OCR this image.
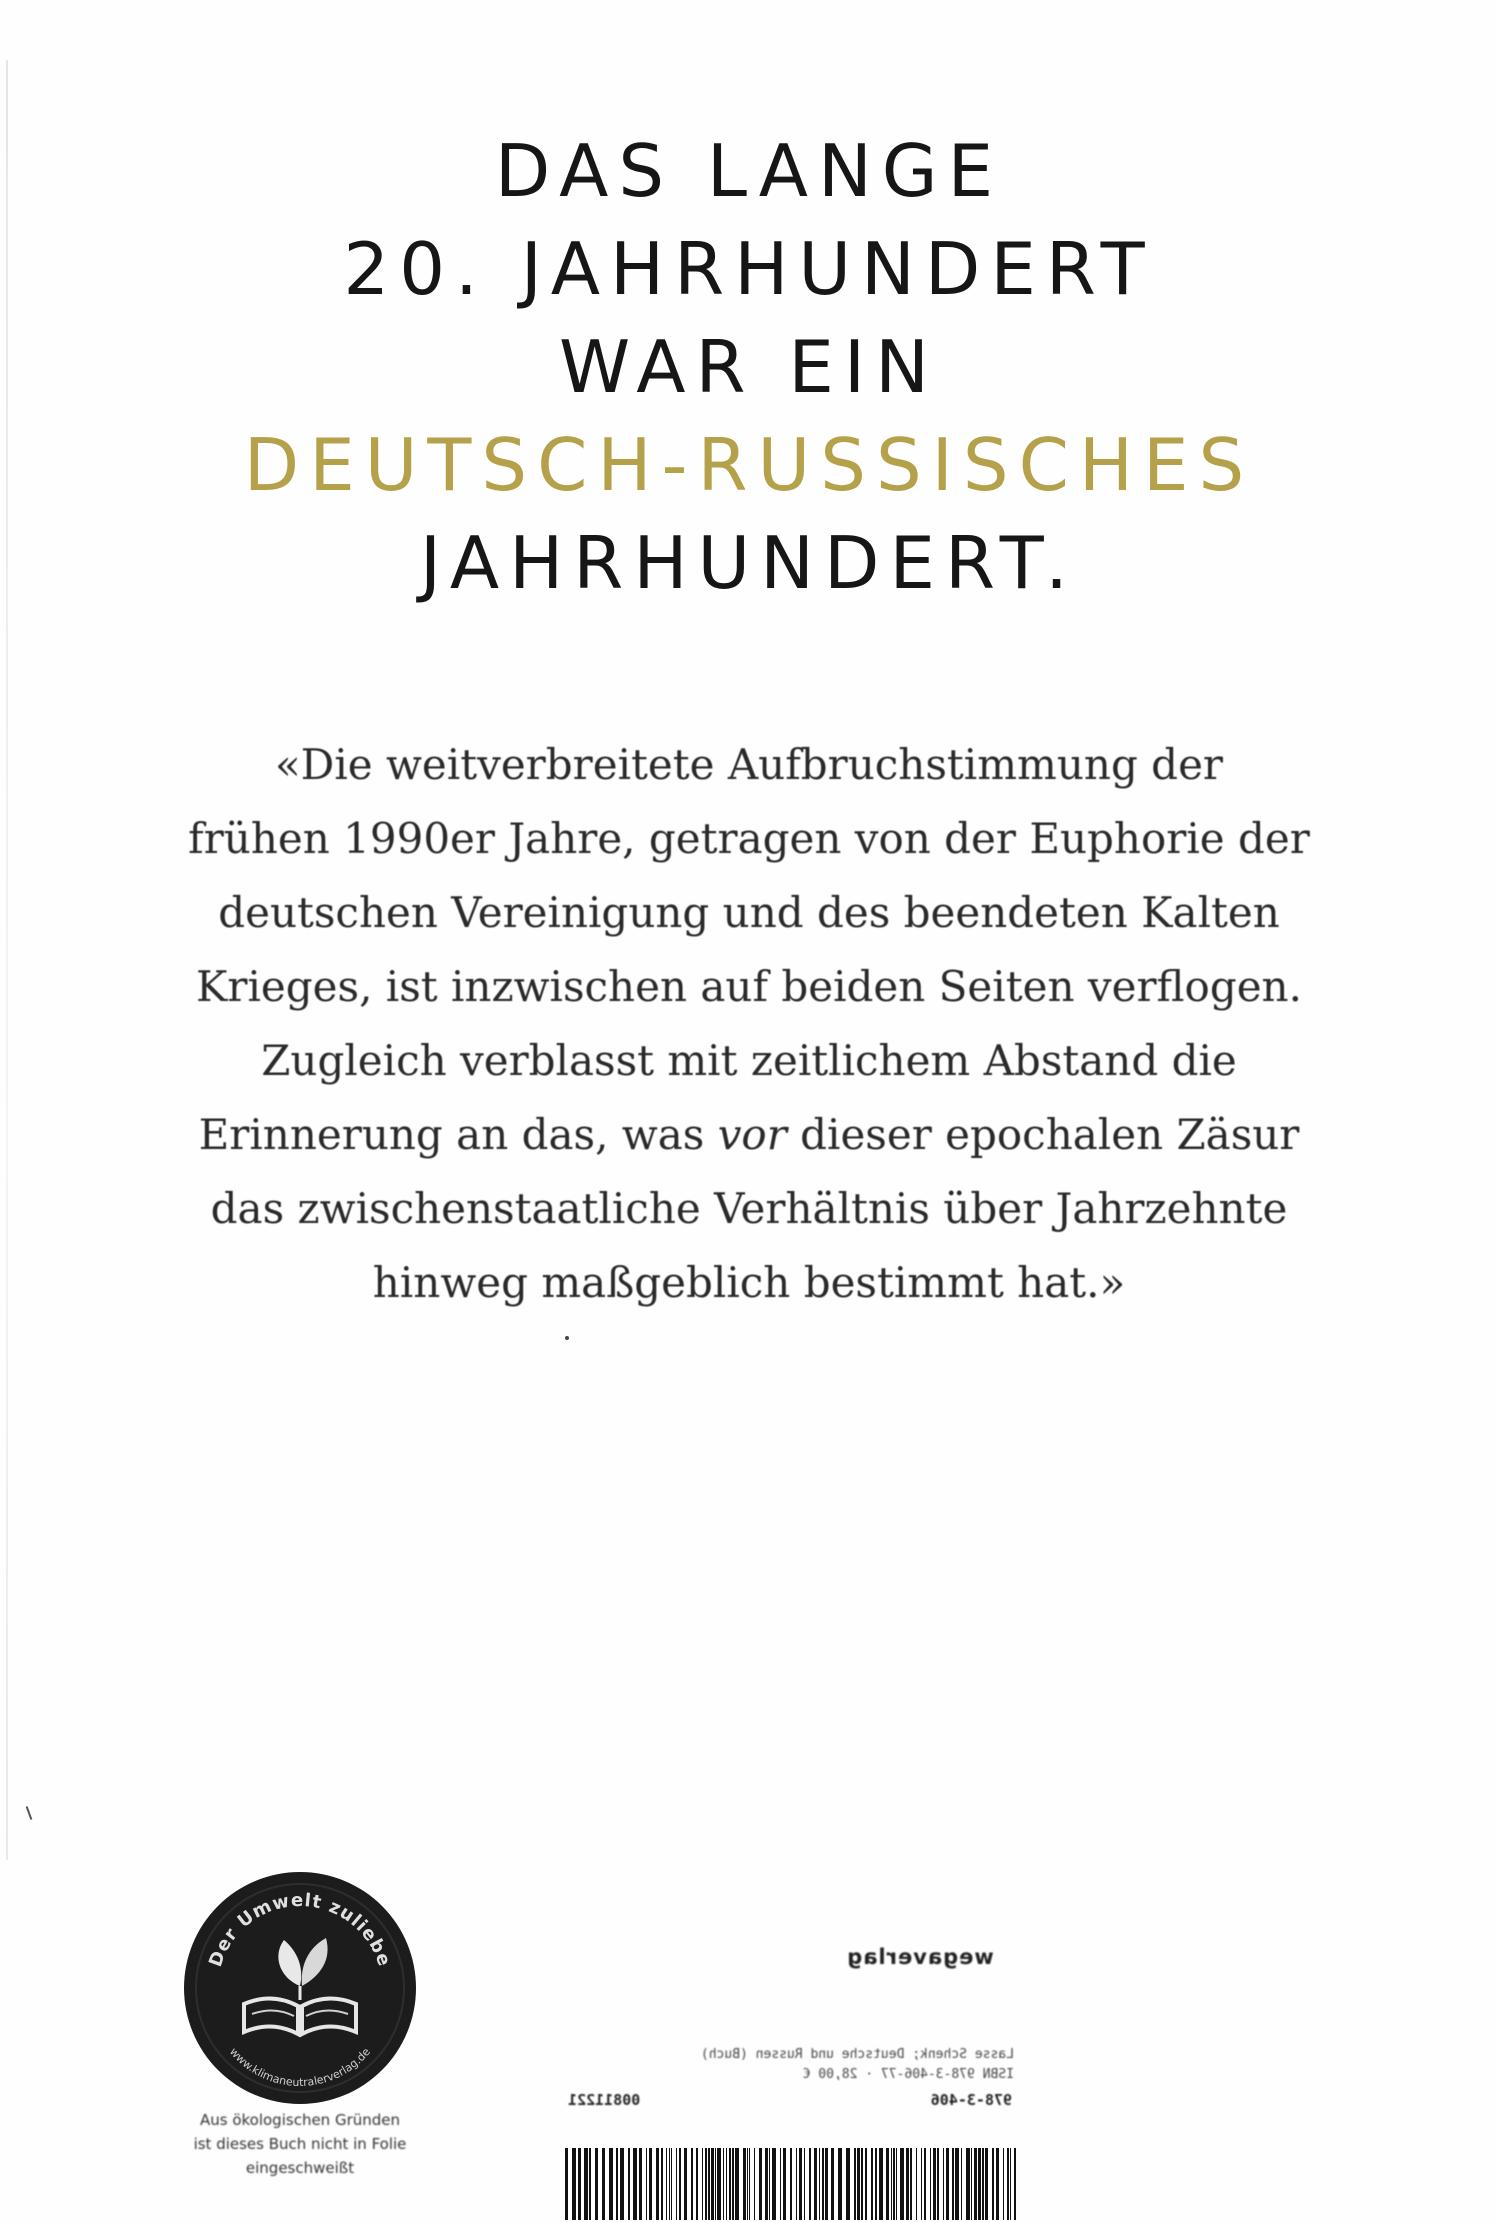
DAS LANGE
20. JAHRHUNDERT
WAR EIN
DEUTSCH-RUSSISCHES
JAHRHUNDERT.
«Die weitverbreitete Aufbruchstimmung der
frühen 1990er Jahre, getragen von der Euphorie der
deutschen Vereinigung und des beendeten Kalten
Krieges, ist inzwischen auf beiden Seiten verflogen.
Zugleich verblasst mit zeitlichem Abstand die
Erinnerung an das, was vor dieser epochalen Zäsur
das zwischenstaatliche Verhältnis über Jahrzehnte
hinweg maßgeblich bestimmt hat.»
Der Umwelt zuliebe
www.klimaneutralerverlag.de
Aus ökologischen Gründen
ist dieses Buch nicht in Folie
eingeschweißt
wegaverlag
Lasse Schenk; Deutsche und Russen (Buch)
ISBN 978-3-406-77 · 28,00 €
978-3-406
00811221
